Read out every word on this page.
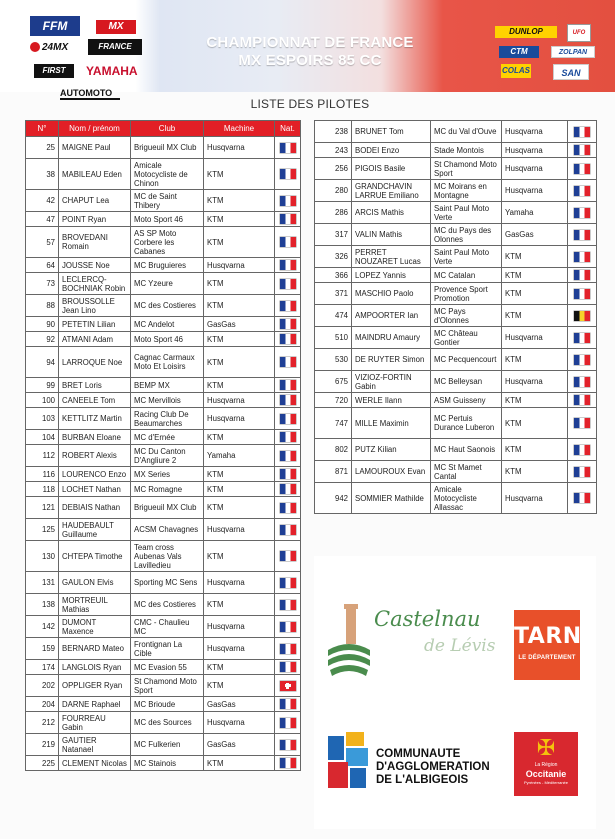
FFM	MX
24MX	FRANCE
FIRST	YAMAHA
AUTOMOTO
CHAMPIONNAT DE FRANCE
MX ESPOIRS 85 CC
DUNLOP	UFO
CTM	ZOLPAN
COLAS	SAN
LISTE DES PILOTES
N°	Nom / prénom	Club	Machine	Nat.
25	MAIGNE Paul	Brigueuil MX Club	Husqvarna	
38	MABILEAU Eden	Amicale Motocycliste de Chinon	KTM	
42	CHAPUT Lea	MC de Saint Thibery	KTM	
47	POINT Ryan	Moto Sport 46	KTM	
57	BROVEDANI Romain	AS SP Moto Corbere les Cabanes	KTM	
64	JOUSSE Noe	MC Bruguieres	Husqvarna	
73	LECLERCQ-BOCHNIAK Robin	MC Yzeure	KTM	
88	BROUSSOLLE Jean Lino	MC des Costieres	KTM	
90	PETETIN Lilian	MC Andelot	GasGas	
92	ATMANI Adam	Moto Sport 46	KTM	
94	LARROQUE Noe	Cagnac Carmaux Moto Et Loisirs	KTM	
99	BRET Loris	BEMP MX	KTM	
100	CANEELE Tom	MC Mervillois	Husqvarna	
103	KETTLITZ Martin	Racing Club De Beaumarches	Husqvarna	
104	BURBAN Eloane	MC d'Ernée	KTM	
112	ROBERT Alexis	MC Du Canton D'Angliure 2	Yamaha	
116	LOURENCO Enzo	MX Series	KTM	
118	LOCHET Nathan	MC Romagne	KTM	
121	DEBIAIS Nathan	Brigueuil MX Club	KTM	
125	HAUDEBAULT Guillaume	ACSM Chavagnes	Husqvarna	
130	CHTEPA Timothe	Team cross Aubenas Vals Lavilledieu	KTM	
131	GAULON Elvis	Sporting MC Sens	Husqvarna	
138	MORTREUIL Mathias	MC des Costieres	KTM	
142	DUMONT Maxence	CMC - Chaulieu MC	Husqvarna	
159	BERNARD Mateo	Frontignan La Cible	Husqvarna	
174	LANGLOIS Ryan	MC Evasion 55	KTM	
202	OPPLIGER Ryan	St Chamond Moto Sport	KTM	
204	DARNE Raphael	MC Brioude	GasGas	
212	FOURREAU Gabin	MC des Sources	Husqvarna	
219	GAUTIER Natanael	MC Fulkerien	GasGas	
225	CLEMENT Nicolas	MC Stainois	KTM	
238	BRUNET Tom	MC du Val d'Ouve	Husqvarna	
243	BODEI Enzo	Stade Montois	Husqvarna	
256	PIGOIS Basile	St Chamond Moto Sport	Husqvarna	
280	GRANDCHAVIN LARRUE Emiliano	MC Moirans en Montagne	Husqvarna	
286	ARCIS Mathis	Saint Paul Moto Verte	Yamaha	
317	VALIN Mathis	MC du Pays des Olonnes	GasGas	
326	PERRET NOUZARET Lucas	Saint Paul Moto Verte	KTM	
366	LOPEZ Yannis	MC Catalan	KTM	
371	MASCHIO Paolo	Provence Sport Promotion	KTM	
474	AMPOORTER Ian	MC Pays d'Olonnes	KTM	
510	MAINDRU Amaury	MC Château Gontier	Husqvarna	
530	DE RUYTER Simon	MC Pecquencourt	KTM	
675	VIZIOZ-FORTIN Gabin	MC Belleysan	Husqvarna	
720	WERLE Ilann	ASM Guisseny	KTM	
747	MILLE Maximin	MC Pertuis Durance Luberon	KTM	
802	PUTZ Kilian	MC Haut Saonois	KTM	
871	LAMOUROUX Evan	MC St Mamet Cantal	KTM	
942	SOMMIER Mathilde	Amicale Motocycliste Allassac	Husqvarna	
Castelnau
de Lévis TARN
LE DÉPARTEMENT
COMMUNAUTE
D'AGGLOMERATION
DE L'ALBIGEOIS
✠
La Région
Occitanie
Pyrénées - Méditerranée
